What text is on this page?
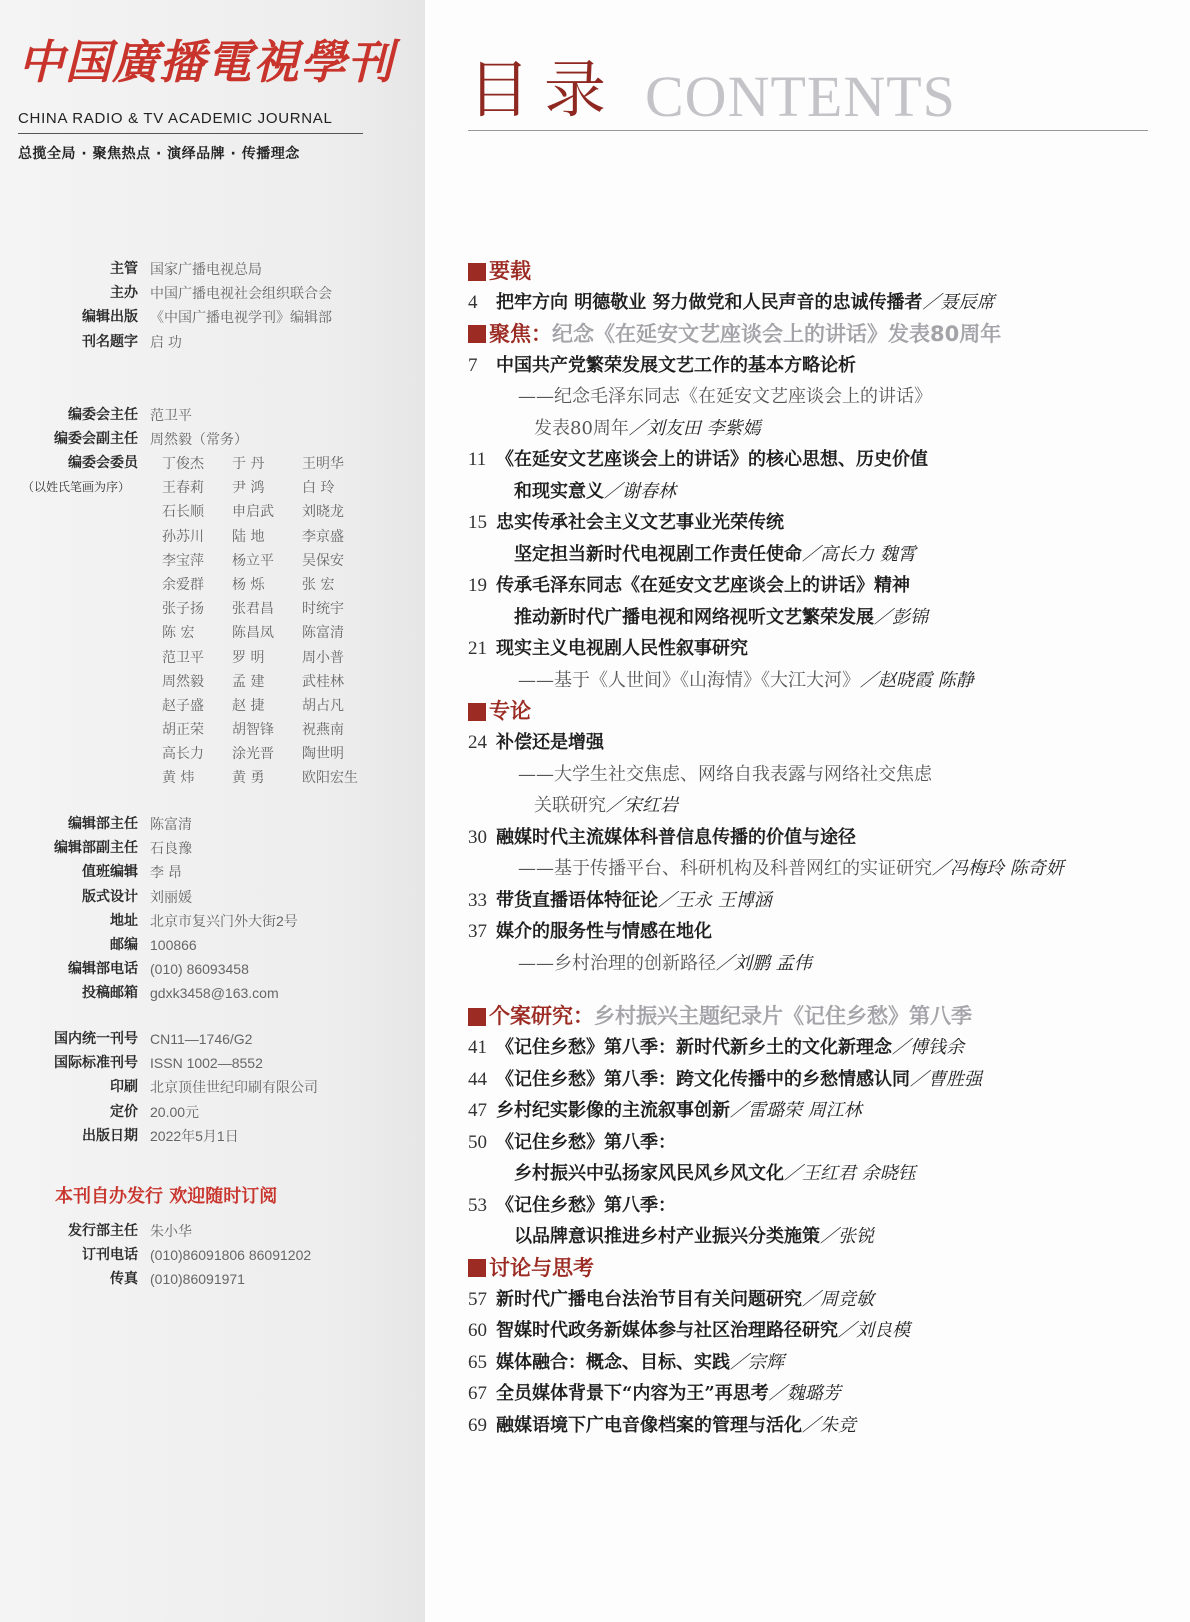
中国廣播電視學刊
CHINA RADIO & TV ACADEMIC JOURNAL
总揽全局 · 聚焦热点 · 演绎品牌 · 传播理念
主管 国家广播电视总局
主办 中国广播电视社会组织联合会
编辑出版 《中国广播电视学刊》编辑部
刊名题字 启 功
编委会主任 范卫平
编委会副主任 周然毅（常务）
编委会委员
（以姓氏笔画为序）
丁俊杰	于 丹	王明华
王春莉	尹 鸿	白 玲
石长顺	申启武	刘晓龙
孙苏川	陆 地	李京盛
李宝萍	杨立平	吴保安
余爱群	杨 烁	张 宏
张子扬	张君昌	时统宇
陈 宏	陈昌凤	陈富清
范卫平	罗 明	周小普
周然毅	孟 建	武桂林
赵子盛	赵 捷	胡占凡
胡正荣	胡智锋	祝燕南
高长力	涂光晋	陶世明
黄 炜	黄 勇	欧阳宏生
编辑部主任 陈富清
编辑部副主任 石良豫
值班编辑 李 昂
版式设计 刘丽媛
地址 北京市复兴门外大街2号
邮编 100866
编辑部电话 (010) 86093458
投稿邮箱 gdxk3458@163.com
国内统一刊号 CN11—1746/G2
国际标准刊号 ISSN 1002—8552
印刷 北京顶佳世纪印刷有限公司
定价 20.00元
出版日期 2022年5月1日
本刊自办发行 欢迎随时订阅
发行部主任 朱小华
订刊电话 (010)86091806 86091202
传真 (010)86091971
目录 CONTENTS
要载
4	把牢方向 明德敬业 努力做党和人民声音的忠诚传播者 ／聂辰席
聚焦： 纪念《在延安文艺座谈会上的讲话》发表80周年
7	中国共产党繁荣发展文艺工作的基本方略论析
——纪念毛泽东同志《在延安文艺座谈会上的讲话》
发表80周年 ／刘友田 李紫嫣
11 《在延安文艺座谈会上的讲话》的核心思想、历史价值
和现实意义 ／谢春林
15 忠实传承社会主义文艺事业光荣传统
坚定担当新时代电视剧工作责任使命 ／高长力 魏霄
19 传承毛泽东同志《在延安文艺座谈会上的讲话》精神
推动新时代广播电视和网络视听文艺繁荣发展 ／彭锦
21 现实主义电视剧人民性叙事研究
——基于《人世间》《山海情》《大江大河》 ／赵晓霞 陈静
专论
24 补偿还是增强
——大学生社交焦虑、网络自我表露与网络社交焦虑
关联研究 ／宋红岩
30 融媒时代主流媒体科普信息传播的价值与途径
——基于传播平台、科研机构及科普网红的实证研究 ／冯梅玲 陈奇妍
33 带货直播语体特征论 ／王永 王博涵
37 媒介的服务性与情感在地化
——乡村治理的创新路径 ／刘鹏 孟伟
个案研究： 乡村振兴主题纪录片《记住乡愁》第八季
41 《记住乡愁》第八季：新时代新乡土的文化新理念 ／傅钱余
44 《记住乡愁》第八季：跨文化传播中的乡愁情感认同 ／曹胜强
47 乡村纪实影像的主流叙事创新 ／雷璐荣 周江林
50 《记住乡愁》第八季：
乡村振兴中弘扬家风民风乡风文化 ／王红君 余晓钰
53 《记住乡愁》第八季：
以品牌意识推进乡村产业振兴分类施策 ／张锐
讨论与思考
57 新时代广播电台法治节目有关问题研究 ／周竞敏
60 智媒时代政务新媒体参与社区治理路径研究 ／刘良模
65 媒体融合：概念、目标、实践 ／宗辉
67 全员媒体背景下“内容为王”再思考 ／魏璐芳
69 融媒语境下广电音像档案的管理与活化 ／朱竞
